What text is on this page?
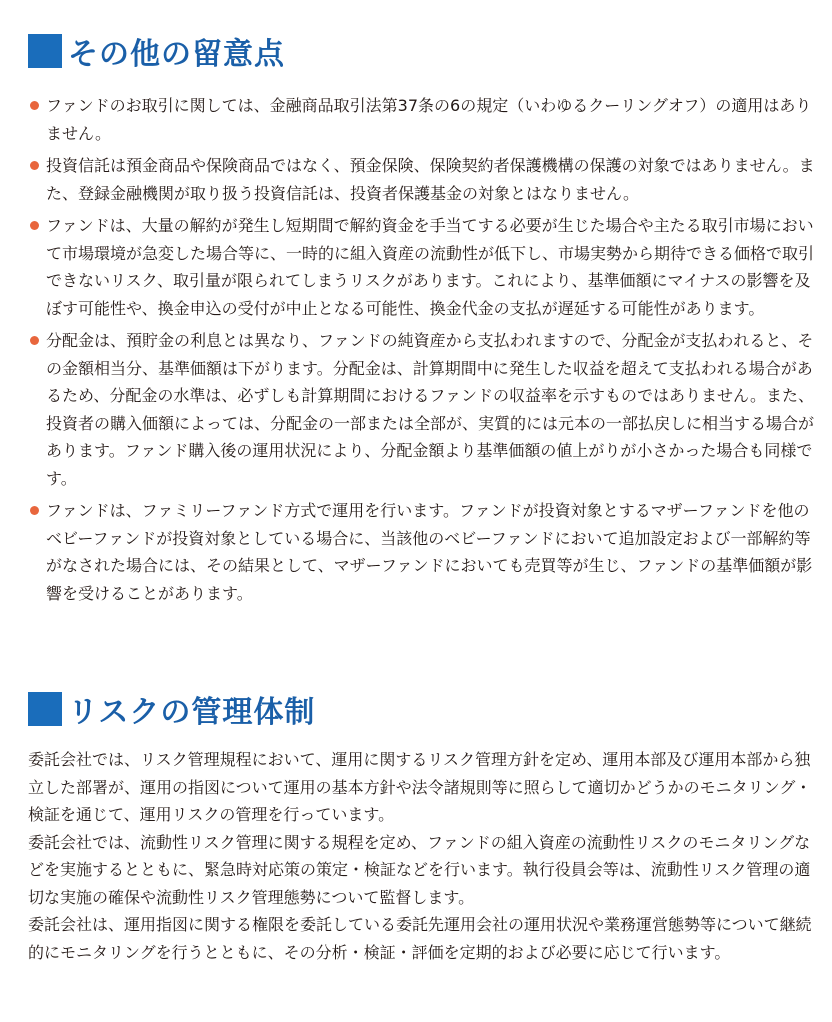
その他の留意点
ファンドのお取引に関しては、金融商品取引法第37条の6の規定（いわゆるクーリングオフ）の適用はありません。
投資信託は預金商品や保険商品ではなく、預金保険、保険契約者保護機構の保護の対象ではありません。また、登録金融機関が取り扱う投資信託は、投資者保護基金の対象とはなりません。
ファンドは、大量の解約が発生し短期間で解約資金を手当てする必要が生じた場合や主たる取引市場において市場環境が急変した場合等に、一時的に組入資産の流動性が低下し、市場実勢から期待できる価格で取引できないリスク、取引量が限られてしまうリスクがあります。これにより、基準価額にマイナスの影響を及ぼす可能性や、換金申込の受付が中止となる可能性、換金代金の支払が遅延する可能性があります。
分配金は、預貯金の利息とは異なり、ファンドの純資産から支払われますので、分配金が支払われると、その金額相当分、基準価額は下がります。分配金は、計算期間中に発生した収益を超えて支払われる場合があるため、分配金の水準は、必ずしも計算期間におけるファンドの収益率を示すものではありません。また、投資者の購入価額によっては、分配金の一部または全部が、実質的には元本の一部払戻しに相当する場合があります。ファンド購入後の運用状況により、分配金額より基準価額の値上がりが小さかった場合も同様です。
ファンドは、ファミリーファンド方式で運用を行います。ファンドが投資対象とするマザーファンドを他のベビーファンドが投資対象としている場合に、当該他のベビーファンドにおいて追加設定および一部解約等がなされた場合には、その結果として、マザーファンドにおいても売買等が生じ、ファンドの基準価額が影響を受けることがあります。
リスクの管理体制

委託会社では、リスク管理規程において、運用に関するリスク管理方針を定め、運用本部及び運用本部から独立した部署が、運用の指図について運用の基本方針や法令諸規則等に照らして適切かどうかのモニタリング・検証を通じて、運用リスクの管理を行っています。

委託会社では、流動性リスク管理に関する規程を定め、ファンドの組入資産の流動性リスクのモニタリングなどを実施するとともに、緊急時対応策の策定・検証などを行います。執行役員会等は、流動性リスク管理の適切な実施の確保や流動性リスク管理態勢について監督します。

委託会社は、運用指図に関する権限を委託している委託先運用会社の運用状況や業務運営態勢等について継続的にモニタリングを行うとともに、その分析・検証・評価を定期的および必要に応じて行います。
